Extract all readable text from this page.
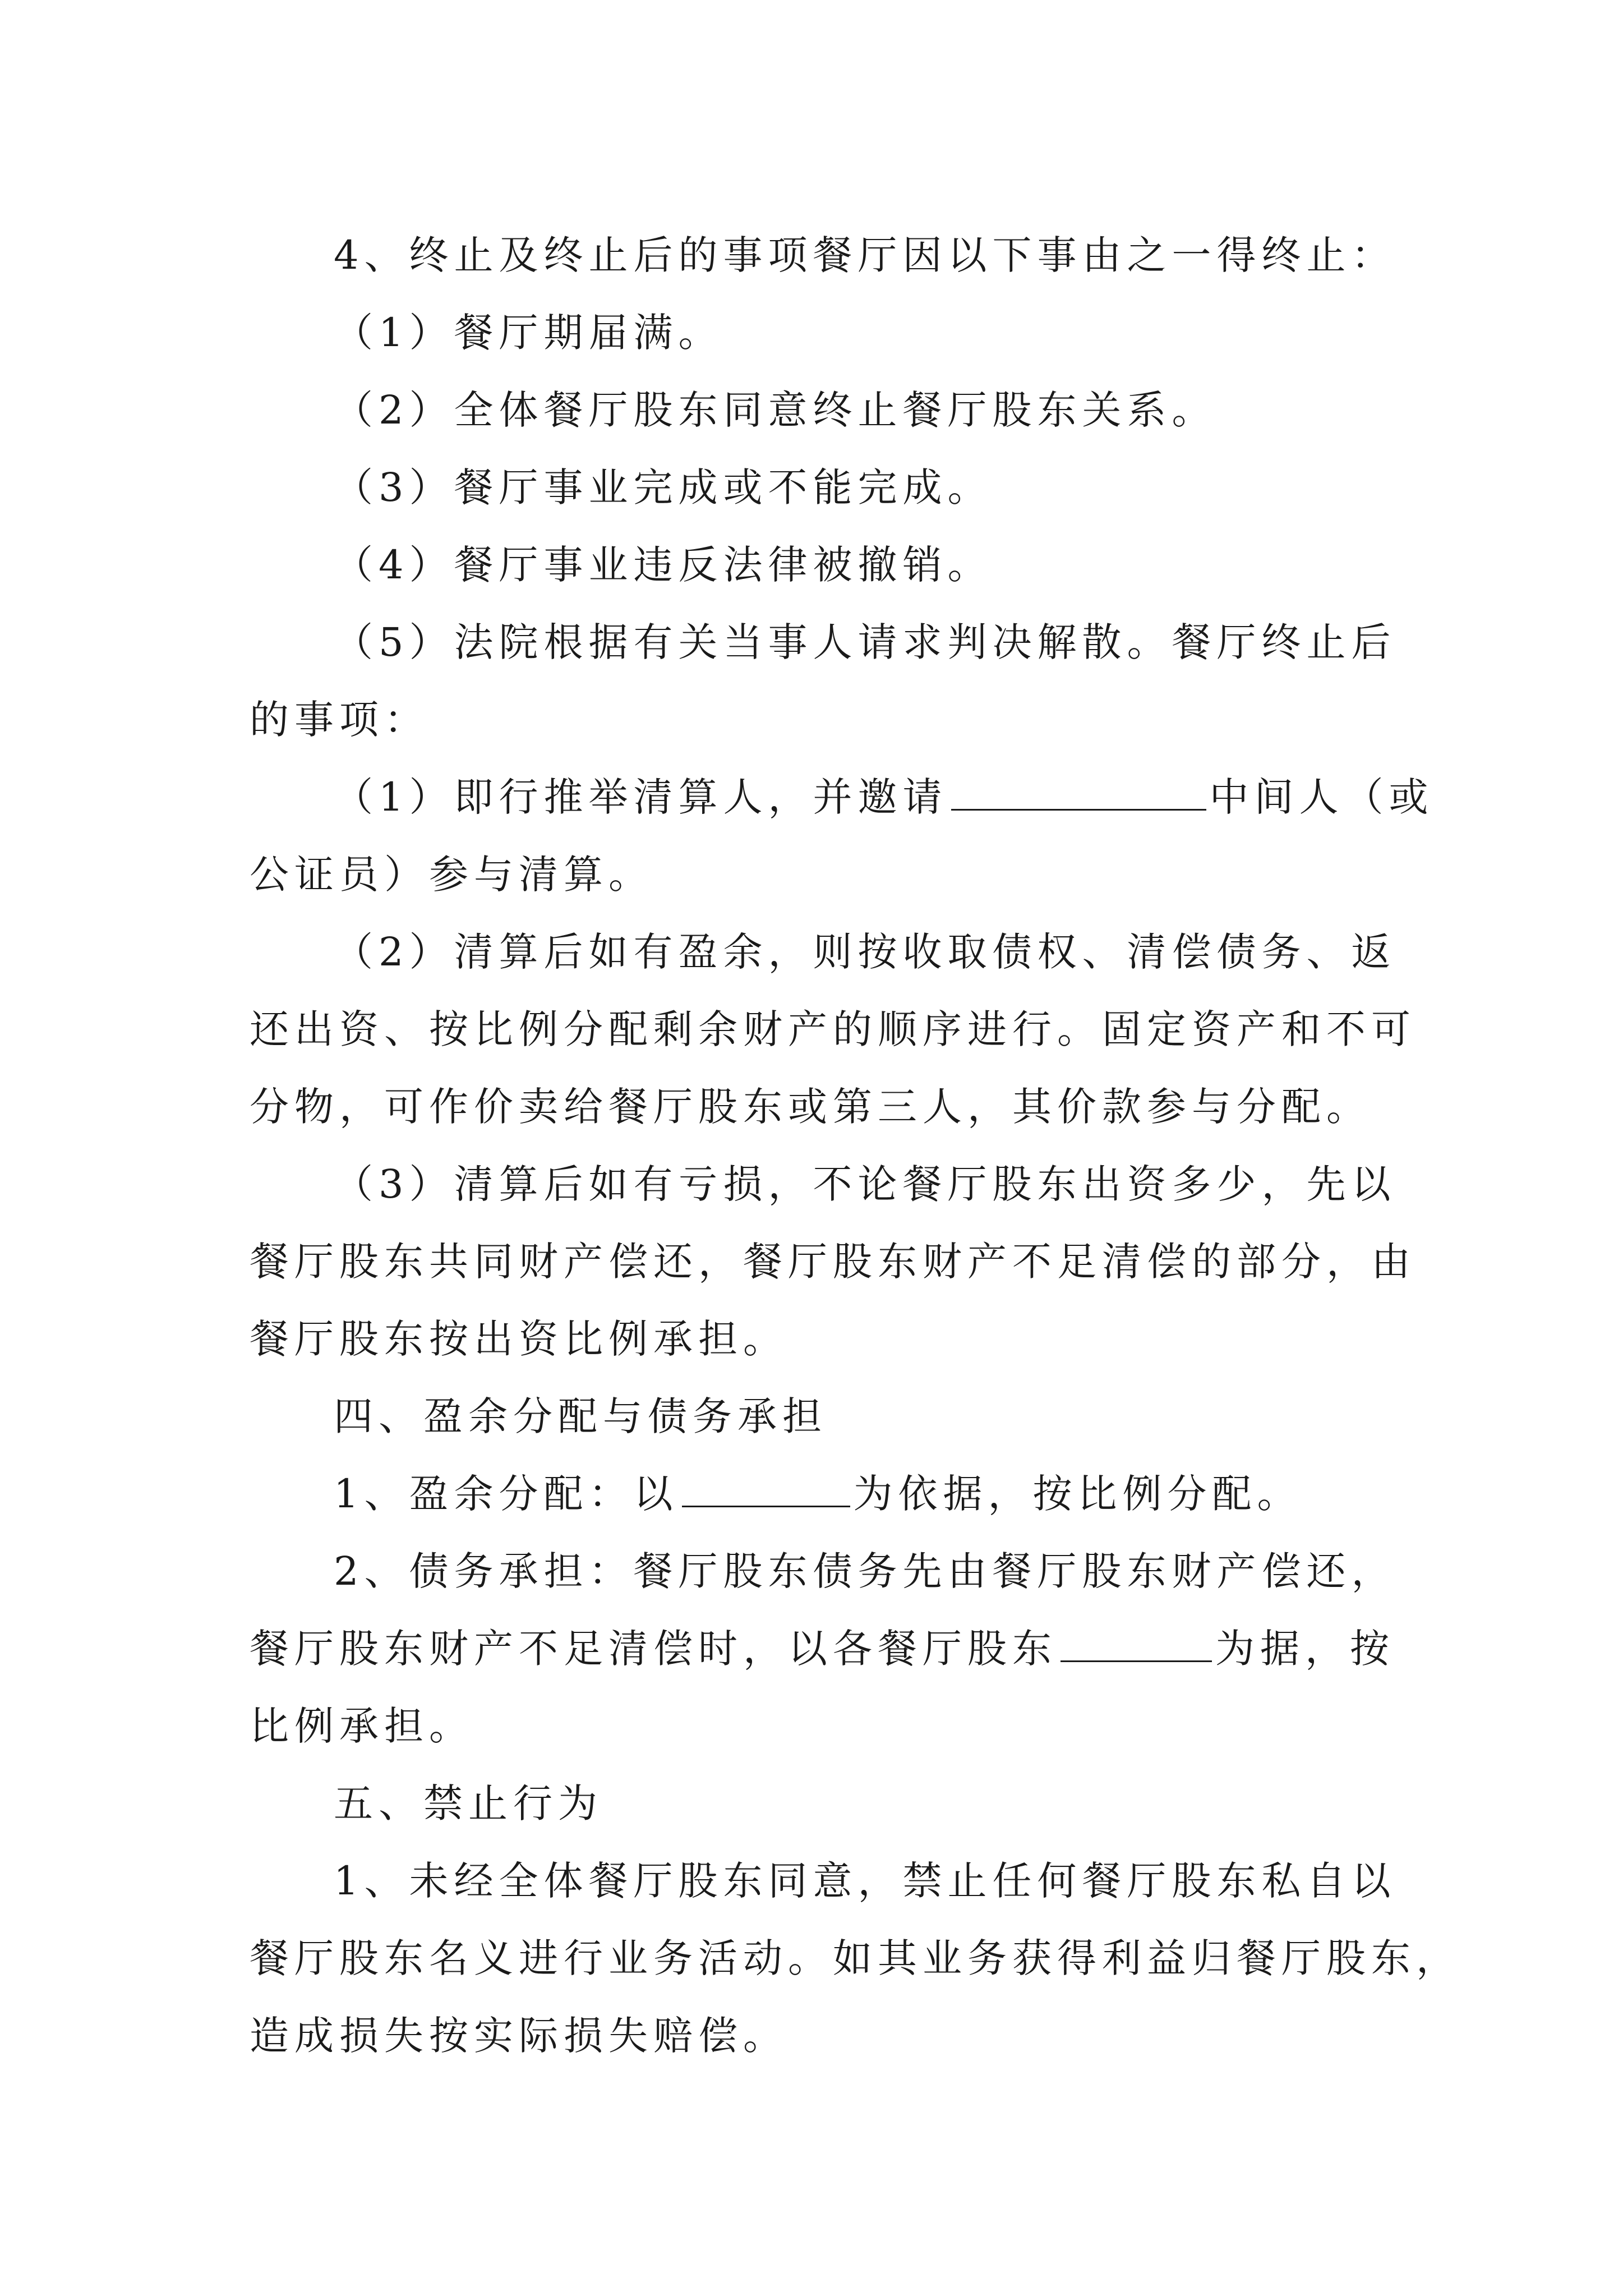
4、终止及终止后的事项餐厅因以下事由之一得终止：
（1）餐厅期届满。
（2）全体餐厅股东同意终止餐厅股东关系。
（3）餐厅事业完成或不能完成。
（4）餐厅事业违反法律被撤销。
（5）法院根据有关当事人请求判决解散。餐厅终止后
的事项：
（1）即行推举清算人，并邀请	中间人（或
公证员）参与清算。
（2）清算后如有盈余，则按收取债权、清偿债务、返
还出资、按比例分配剩余财产的顺序进行。固定资产和不可
分物，可作价卖给餐厅股东或第三人，其价款参与分配。
（3）清算后如有亏损，不论餐厅股东出资多少，先以
餐厅股东共同财产偿还，餐厅股东财产不足清偿的部分，由
餐厅股东按出资比例承担。
四、盈余分配与债务承担
1、盈余分配：以	为依据，按比例分配。
2、债务承担：餐厅股东债务先由餐厅股东财产偿还，
餐厅股东财产不足清偿时，以各餐厅股东	为据，按
比例承担。
五、禁止行为
1、未经全体餐厅股东同意，禁止任何餐厅股东私自以
餐厅股东名义进行业务活动。如其业务获得利益归餐厅股东，
造成损失按实际损失赔偿。
